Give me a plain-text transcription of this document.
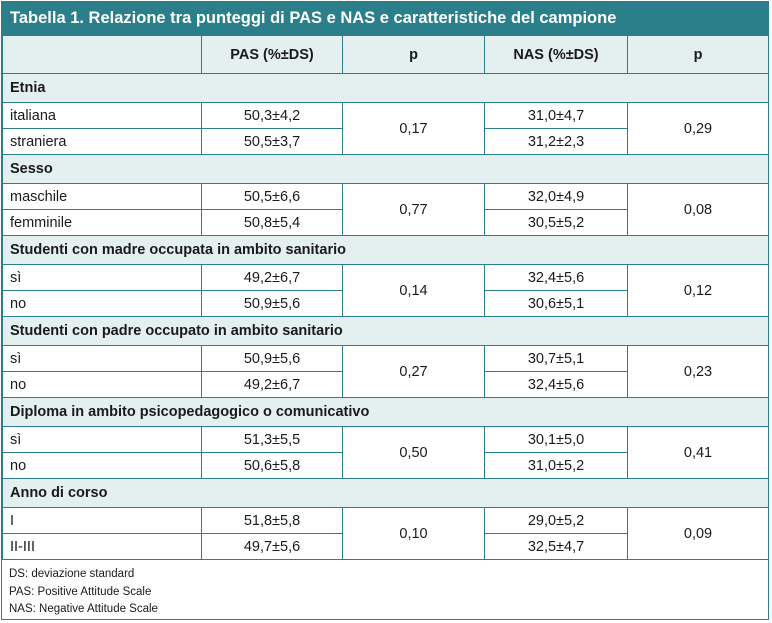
Tabella 1. Relazione tra punteggi di PAS e NAS e caratteristiche del campione
	PAS (%±DS)	p	NAS (%±DS)	p
Etnia				
italiana	50,3±4,2	0,17	31,0±4,7	0,29
straniera	50,5±3,7		31,2±2,3	
Sesso				
maschile	50,5±6,6	0,77	32,0±4,9	0,08
femminile	50,8±5,4		30,5±5,2	
Studenti con madre occupata in ambito sanitario				
sì	49,2±6,7	0,14	32,4±5,6	0,12
no	50,9±5,6		30,6±5,1	
Studenti con padre occupato in ambito sanitario				
sì	50,9±5,6	0,27	30,7±5,1	0,23
no	49,2±6,7		32,4±5,6	
Diploma in ambito psicopedagogico o comunicativo				
sì	51,3±5,5	0,50	30,1±5,0	0,41
no	50,6±5,8		31,0±5,2	
Anno di corso				
I	51,8±5,8	0,10	29,0±5,2	0,09
II-III	49,7±5,6		32,5±4,7	
DS: deviazione standard
PAS: Positive Attitude Scale
NAS: Negative Attitude Scale
